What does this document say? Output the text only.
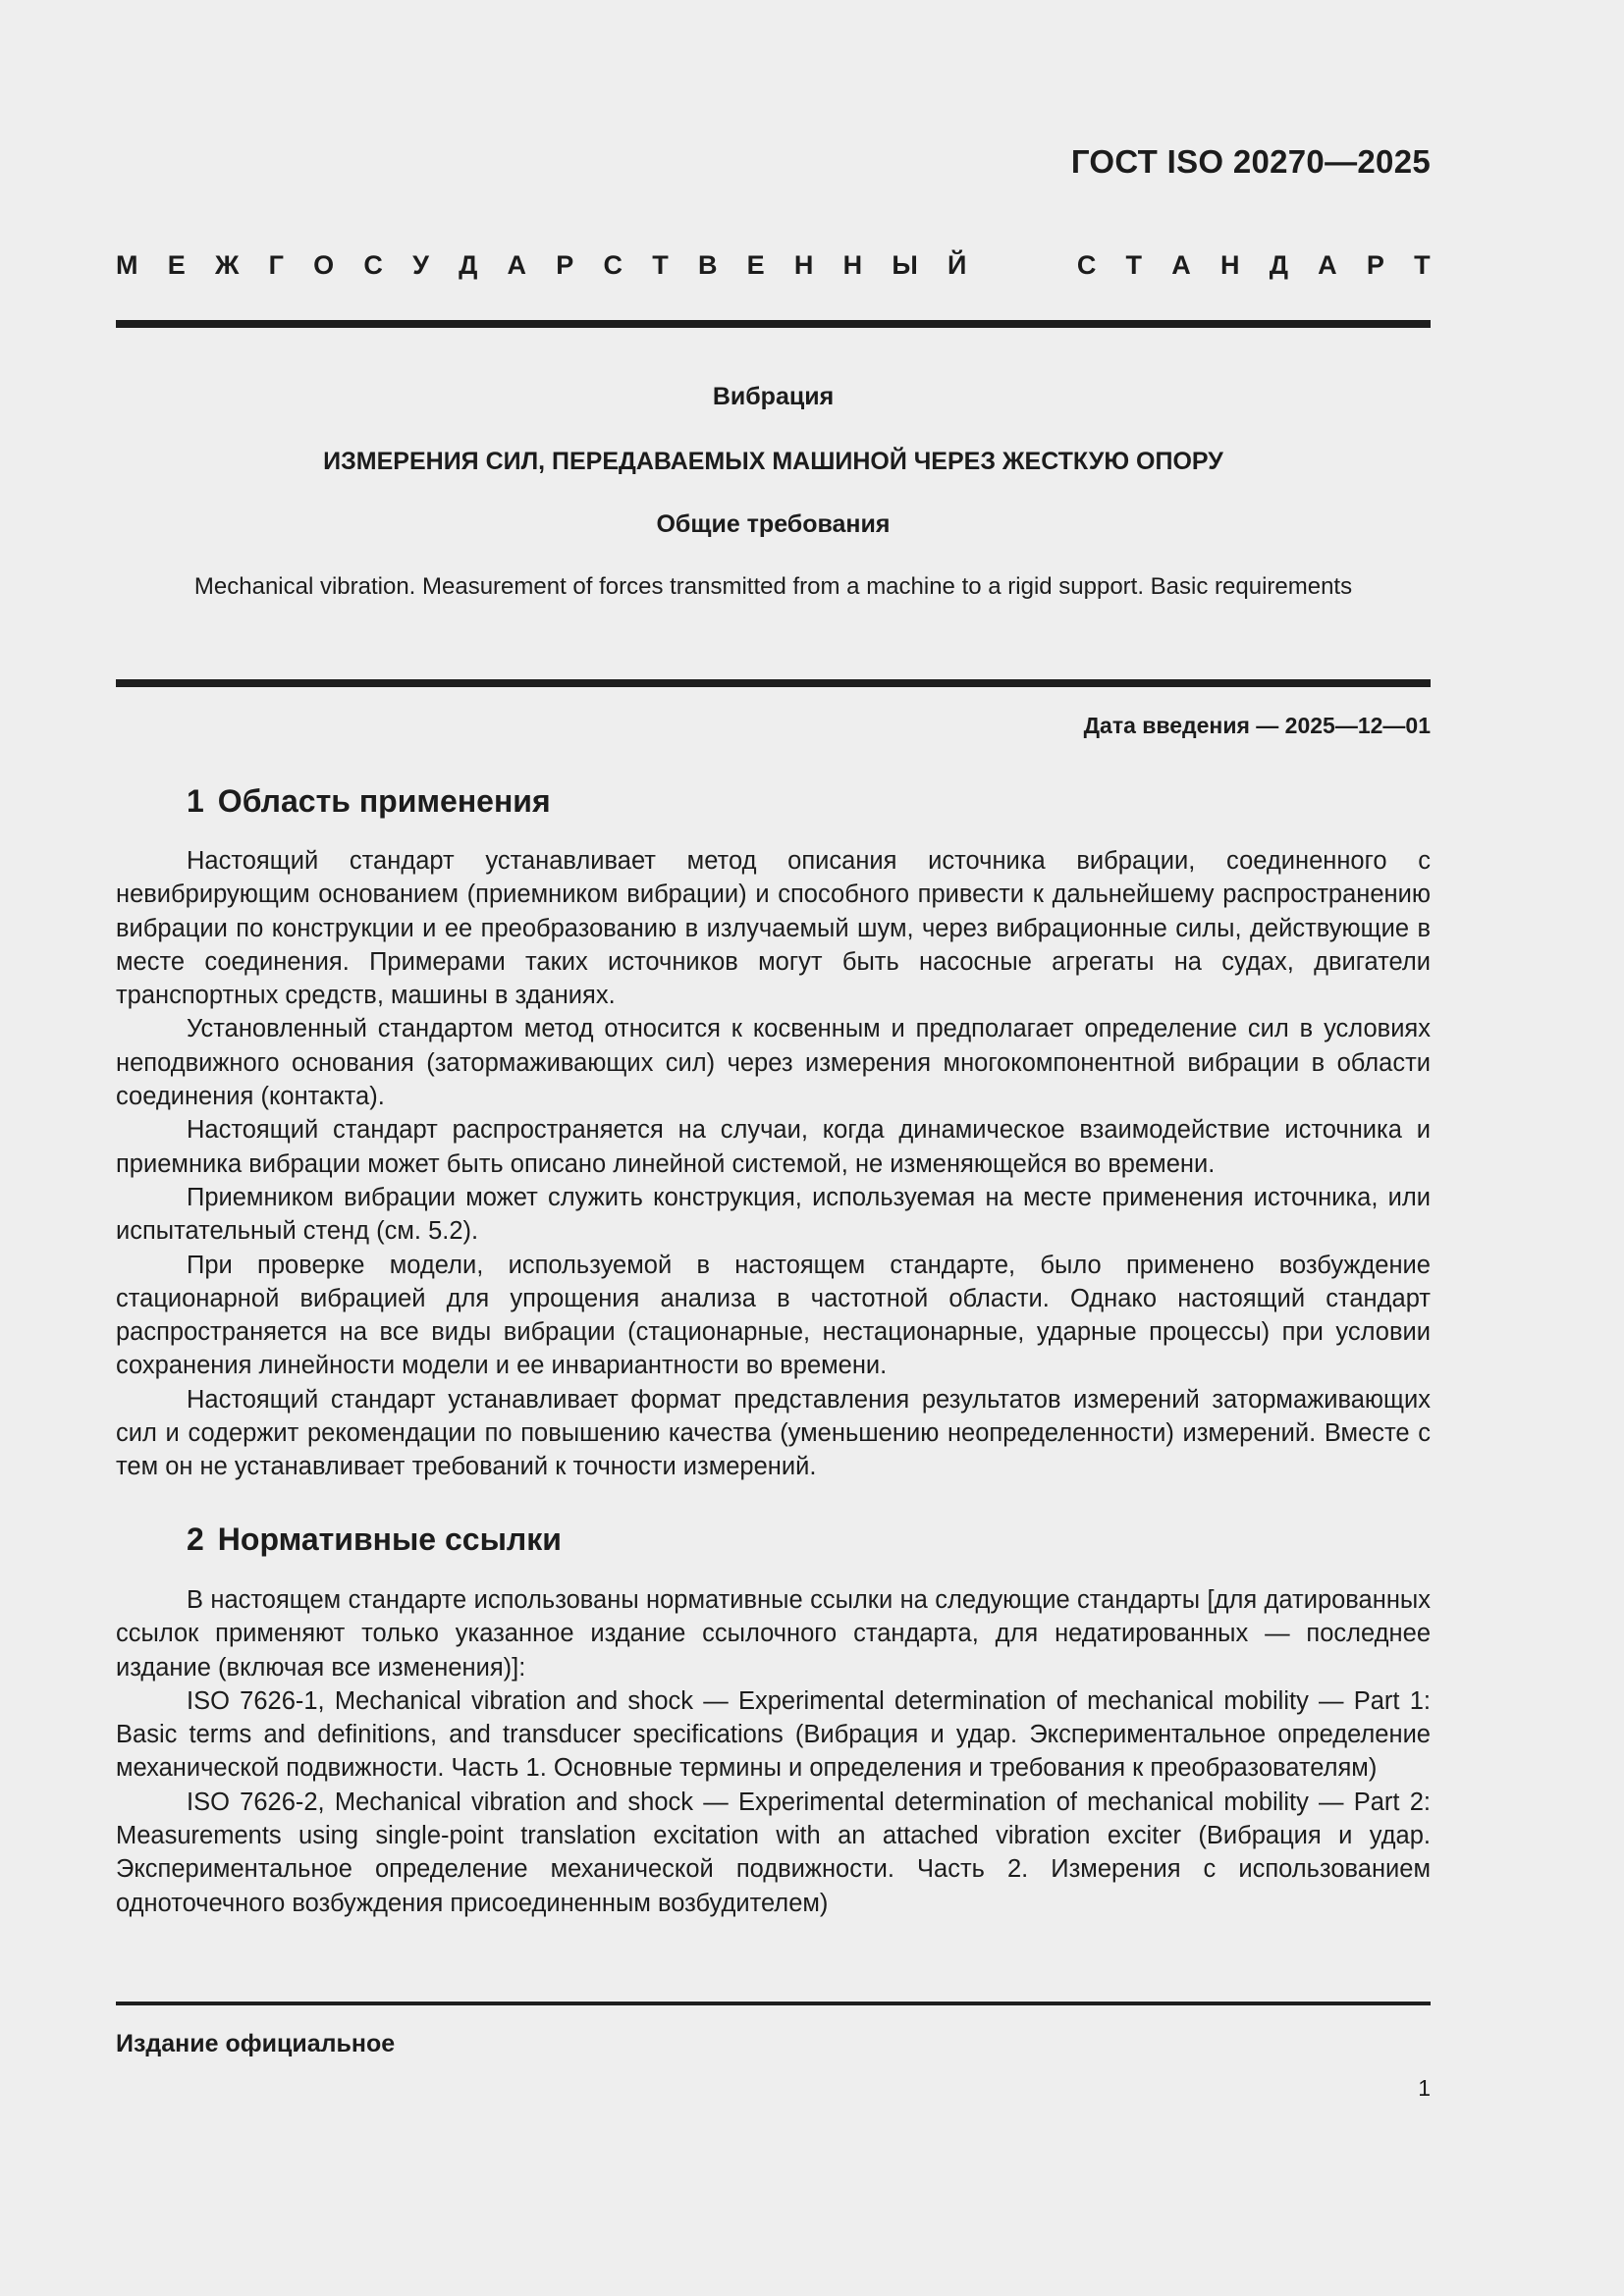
ГОСТ ISO 20270—2025
М Е Ж Г О С У Д А Р С Т В Е Н Н Ы Й	С Т А Н Д А Р Т
Вибрация
ИЗМЕРЕНИЯ СИЛ, ПЕРЕДАВАЕМЫХ МАШИНОЙ ЧЕРЕЗ ЖЕСТКУЮ ОПОРУ
Общие требования
Mechanical vibration. Measurement of forces transmitted from a machine to a rigid support. Basic requirements
Дата введения — 2025—12—01
1 Область применения

Настоящий стандарт устанавливает метод описания источника вибрации, соединенного с невибрирующим основанием (приемником вибрации) и способного привести к дальнейшему распространению вибрации по конструкции и ее преобразованию в излучаемый шум, через вибрационные силы, действующие в месте соединения. Примерами таких источников могут быть насосные агрегаты на судах, двигатели транспортных средств, машины в зданиях.

Установленный стандартом метод относится к косвенным и предполагает определение сил в условиях неподвижного основания (затормаживающих сил) через измерения многокомпонентной вибрации в области соединения (контакта).

Настоящий стандарт распространяется на случаи, когда динамическое взаимодействие источника и приемника вибрации может быть описано линейной системой, не изменяющейся во времени.

Приемником вибрации может служить конструкция, используемая на месте применения источника, или испытательный стенд (см. 5.2).

При проверке модели, используемой в настоящем стандарте, было применено возбуждение стационарной вибрацией для упрощения анализа в частотной области. Однако настоящий стандарт распространяется на все виды вибрации (стационарные, нестационарные, ударные процессы) при условии сохранения линейности модели и ее инвариантности во времени.

Настоящий стандарт устанавливает формат представления результатов измерений затормаживающих сил и содержит рекомендации по повышению качества (уменьшению неопределенности) измерений. Вместе с тем он не устанавливает требований к точности измерений.

2 Нормативные ссылки

В настоящем стандарте использованы нормативные ссылки на следующие стандарты [для датированных ссылок применяют только указанное издание ссылочного стандарта, для недатированных — последнее издание (включая все изменения)]:

ISO 7626-1, Mechanical vibration and shock — Experimental determination of mechanical mobility — Part 1: Basic terms and definitions, and transducer specifications (Вибрация и удар. Экспериментальное определение механической подвижности. Часть 1. Основные термины и определения и требования к преобразователям)

ISO 7626-2, Mechanical vibration and shock — Experimental determination of mechanical mobility — Part 2: Measurements using single-point translation excitation with an attached vibration exciter (Вибрация и удар. Экспериментальное определение механической подвижности. Часть 2. Измерения с использованием одноточечного возбуждения присоединенным возбудителем)

Издание официальное
1
